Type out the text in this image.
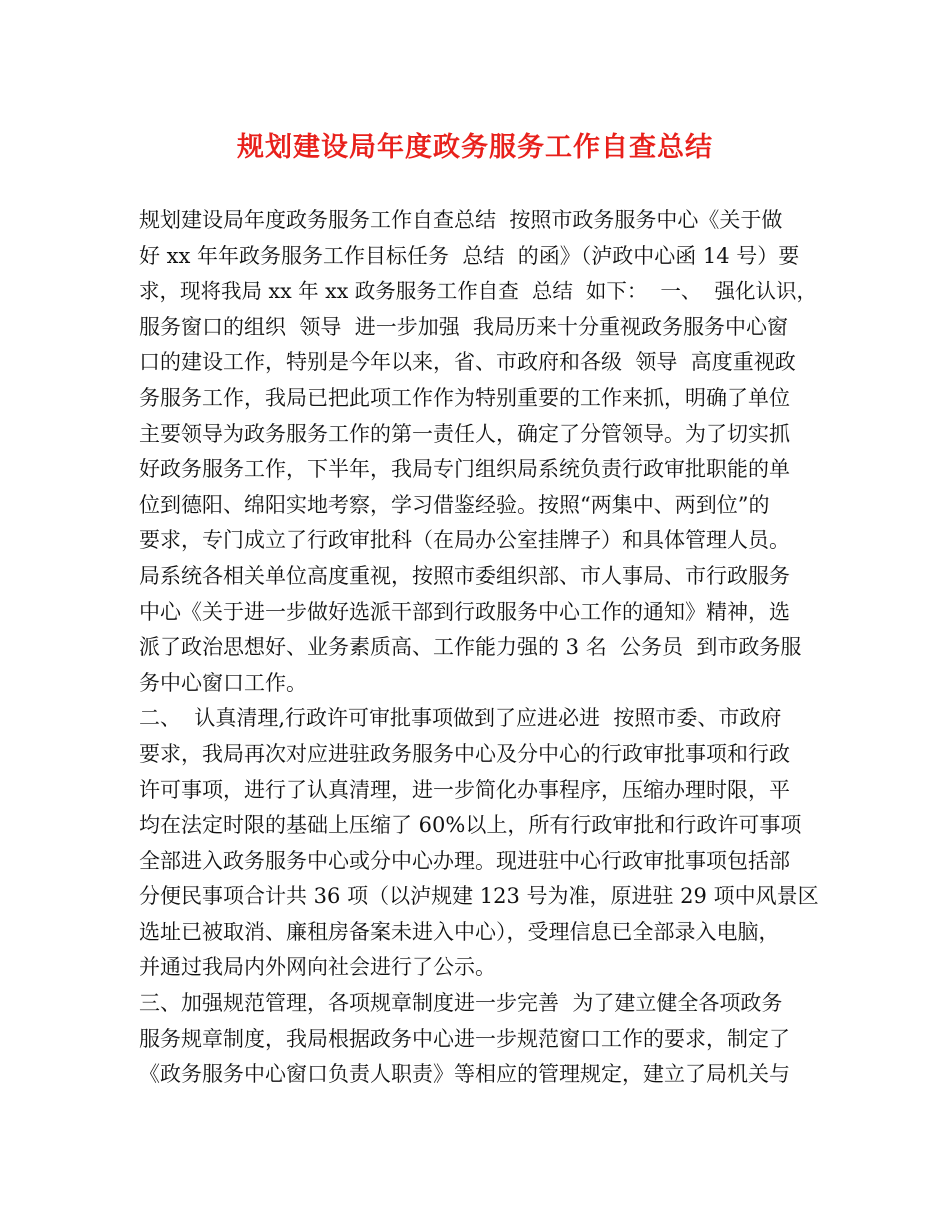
规划建设局年度政务服务工作自查总结
规划建设局年度政务服务工作自查总结  按照市政务服务中心《关于做
好 xx 年年政务服务工作目标任务  总结  的函》（泸政中心函 14 号）要
求，现将我局 xx 年 xx 政务服务工作自查  总结  如下：  一、  强化认识，
服务窗口的组织  领导  进一步加强  我局历来十分重视政务服务中心窗
口的建设工作，特别是今年以来，省、市政府和各级  领导  高度重视政
务服务工作，我局已把此项工作作为特别重要的工作来抓，明确了单位
主要领导为政务服务工作的第一责任人，确定了分管领导。为了切实抓
好政务服务工作，下半年，我局专门组织局系统负责行政审批职能的单
位到德阳、绵阳实地考察，学习借鉴经验。按照“两集中、两到位”的
要求，专门成立了行政审批科（在局办公室挂牌子）和具体管理人员。
局系统各相关单位高度重视，按照市委组织部、市人事局、市行政服务
中心《关于进一步做好选派干部到行政服务中心工作的通知》精神，选
派了政治思想好、业务素质高、工作能力强的 3 名  公务员  到市政务服
务中心窗口工作。
二、  认真清理,行政许可审批事项做到了应进必进  按照市委、市政府
要求，我局再次对应进驻政务服务中心及分中心的行政审批事项和行政
许可事项，进行了认真清理，进一步简化办事程序，压缩办理时限，平
均在法定时限的基础上压缩了 60%以上，所有行政审批和行政许可事项
全部进入政务服务中心或分中心办理。现进驻中心行政审批事项包括部
分便民事项合计共 36 项（以泸规建 123 号为准，原进驻 29 项中风景区
选址已被取消、廉租房备案未进入中心），受理信息已全部录入电脑，
并通过我局内外网向社会进行了公示。
三、加强规范管理，各项规章制度进一步完善  为了建立健全各项政务
服务规章制度，我局根据政务中心进一步规范窗口工作的要求，制定了
《政务服务中心窗口负责人职责》等相应的管理规定，建立了局机关与
